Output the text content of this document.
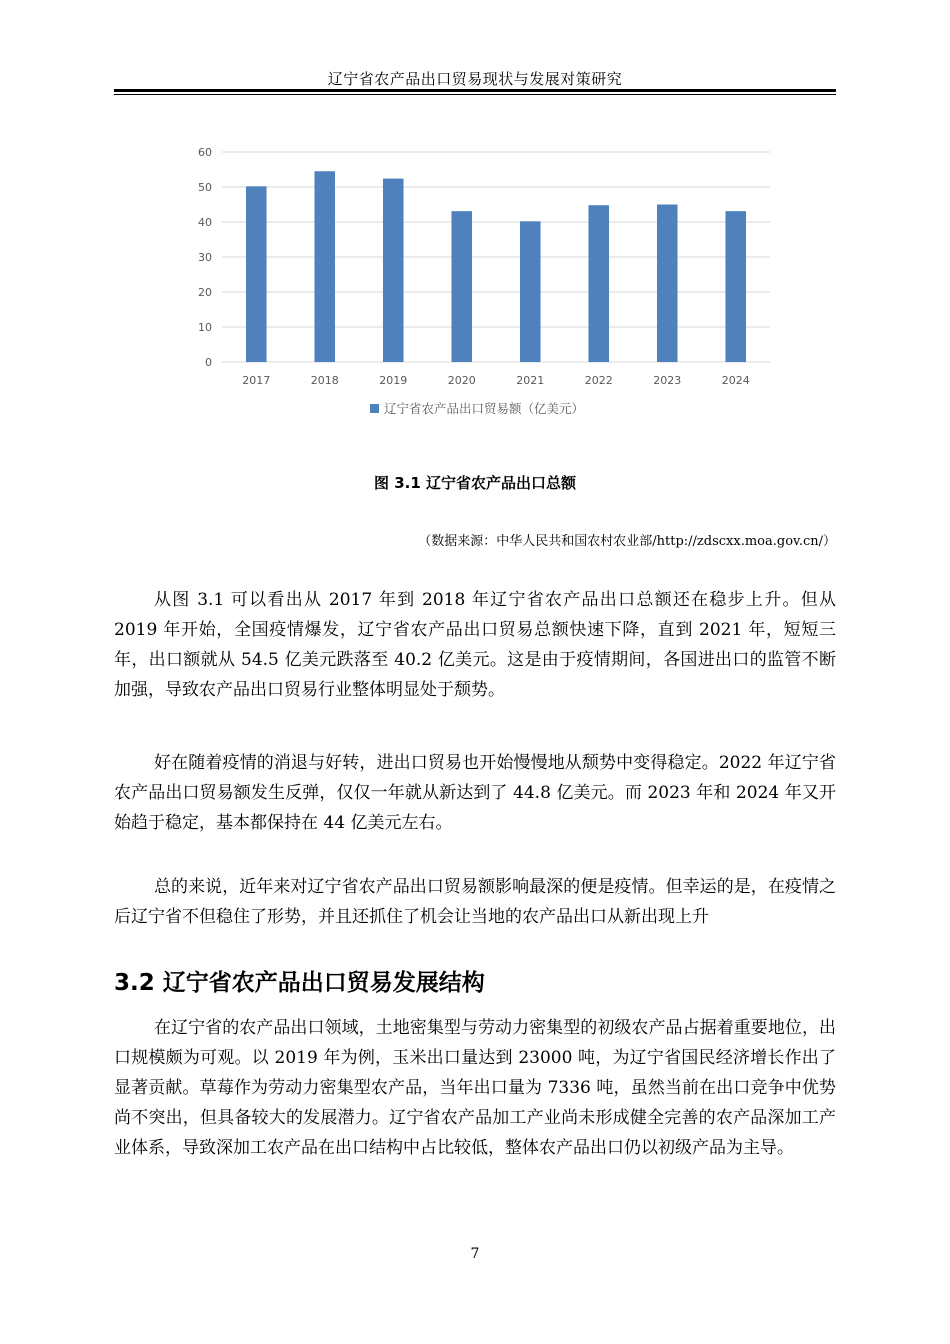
辽宁省农产品出口贸易现状与发展对策研究
0
10
20
30
40
50
60
2017	2018	2019	2020	2021	2022	2023	2024
辽宁省农产品出口贸易额（亿美元）
图 3.1 辽宁省农产品出口总额
（数据来源：中华人民共和国农村农业部/http://zdscxx.moa.gov.cn/）
从图 3.1 可以看出从 2017 年到 2018 年辽宁省农产品出口总额还在稳步上升。但从 2019 年开始，全国疫情爆发，辽宁省农产品出口贸易总额快速下降，直到 2021 年，短短三年，出口额就从 54.5 亿美元跌落至 40.2 亿美元。这是由于疫情期间，各国进出口的监管不断加强，导致农产品出口贸易行业整体明显处于颓势。
好在随着疫情的消退与好转，进出口贸易也开始慢慢地从颓势中变得稳定。2022 年辽宁省农产品出口贸易额发生反弹，仅仅一年就从新达到了 44.8 亿美元。而 2023 年和 2024 年又开始趋于稳定，基本都保持在 44 亿美元左右。
总的来说，近年来对辽宁省农产品出口贸易额影响最深的便是疫情。但幸运的是，在疫情之后辽宁省不但稳住了形势，并且还抓住了机会让当地的农产品出口从新出现上升
3.2 辽宁省农产品出口贸易发展结构
在辽宁省的农产品出口领域，土地密集型与劳动力密集型的初级农产品占据着重要地位，出口规模颇为可观。以 2019 年为例，玉米出口量达到 23000 吨，为辽宁省国民经济增长作出了显著贡献。草莓作为劳动力密集型农产品，当年出口量为 7336 吨，虽然当前在出口竞争中优势尚不突出，但具备较大的发展潜力。辽宁省农产品加工产业尚未形成健全完善的农产品深加工产业体系，导致深加工农产品在出口结构中占比较低，整体农产品出口仍以初级产品为主导。
7
